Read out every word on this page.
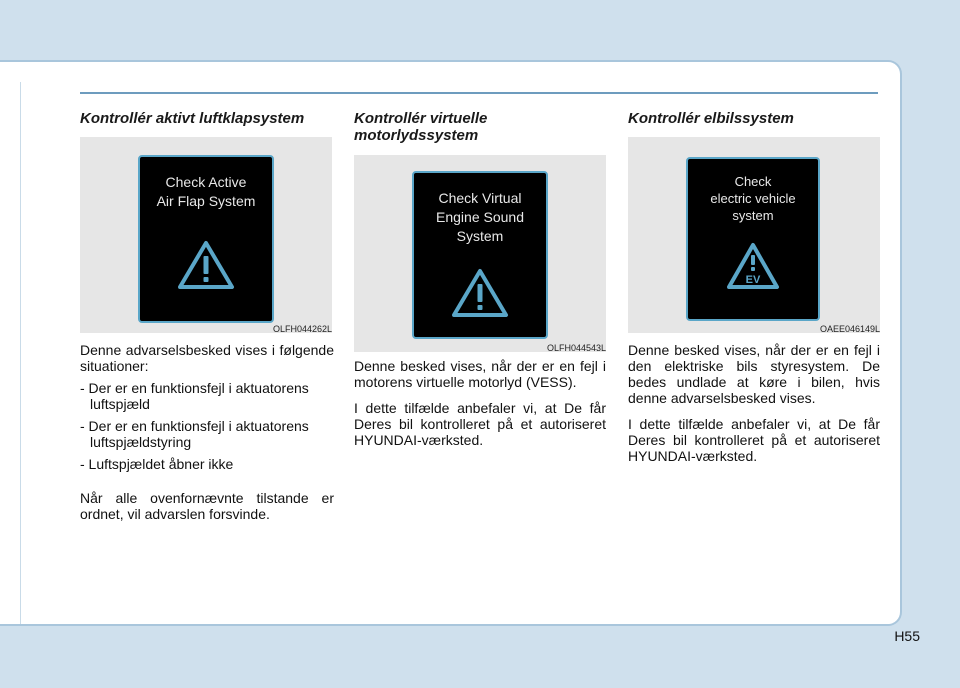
Kontrollér aktivt luftklapsystem
Check Active
Air Flap System
OLFH044262L

Denne advarselsbesked vises i følgende situationer:

- Der er en funktionsfejl i aktuatorens luftspjæld
- Der er en funktionsfejl i aktuatorens luftspjældstyring
- Luftspjældet åbner ikke

Når alle ovenfornævnte tilstande er ordnet, vil advarslen forsvinde.

Kontrollér virtuelle motorlydssystem
Check Virtual
Engine Sound
System
OLFH044543L

Denne besked vises, når der er en fejl i motorens virtuelle motorlyd (VESS).

I dette tilfælde anbefaler vi, at De får Deres bil kontrolleret på et autoriseret HYUNDAI-værksted.

Kontrollér elbilssystem
Check
electric vehicle
system
EV
OAEE046149L

Denne besked vises, når der er en fejl i den elektriske bils styresystem. De bedes undlade at køre i bilen, hvis denne advarselsbesked vises.

I dette tilfælde anbefaler vi, at De får Deres bil kontrolleret på et autoriseret HYUNDAI-værksted.

H55
